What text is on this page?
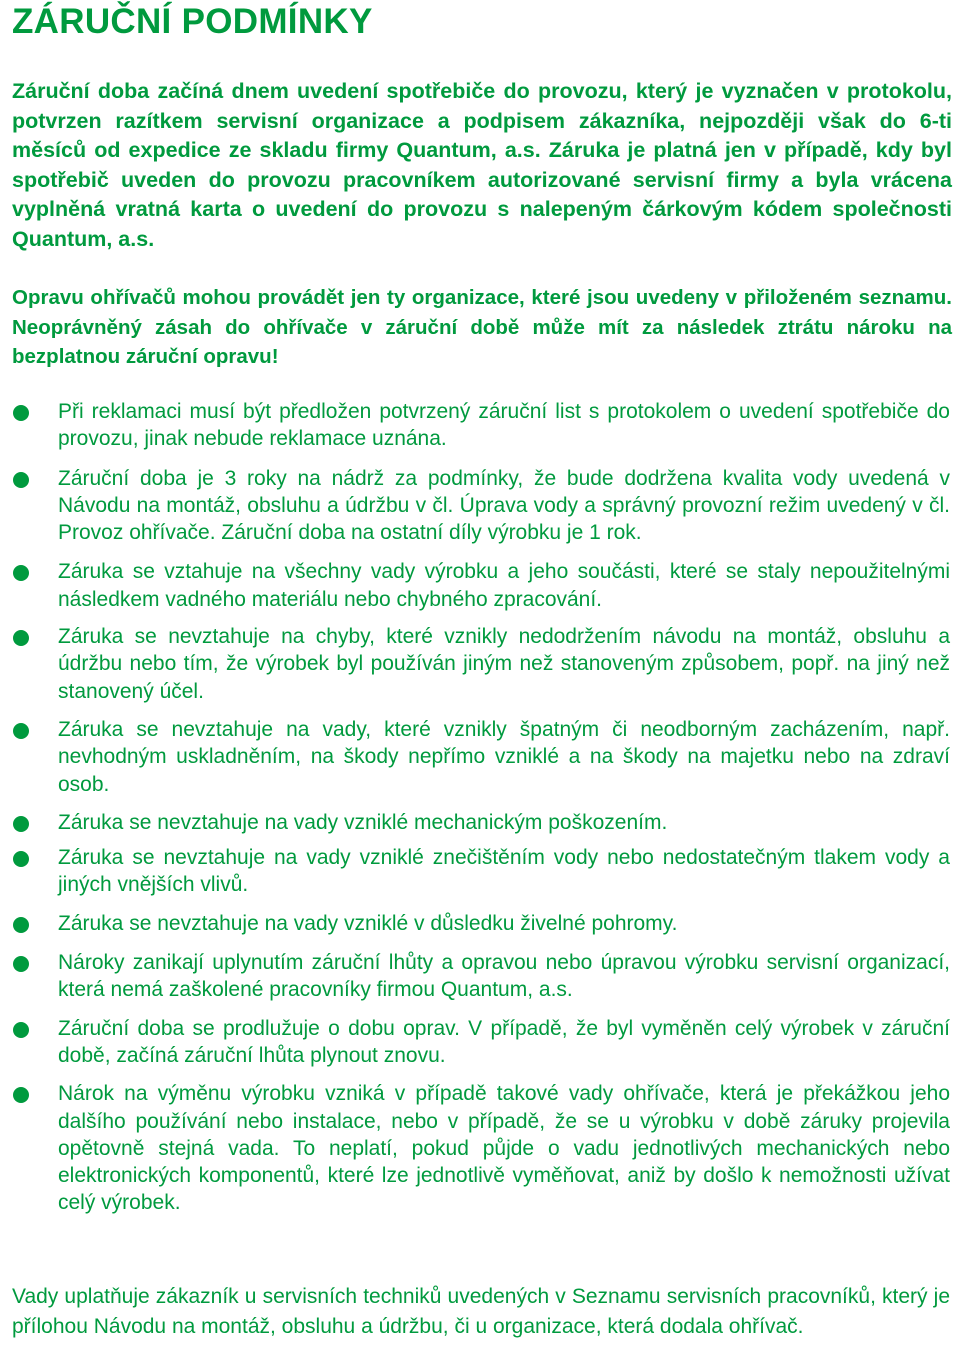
ZÁRUČNÍ PODMÍNKY

Záruční doba začíná dnem uvedení spotřebiče do provozu, který je vyznačen v protokolu, potvrzen razítkem servisní organizace a podpisem zákazníka, nejpozději však do 6-ti měsíců od expedice ze skladu firmy Quantum, a.s. Záruka je platná jen v případě, kdy byl spotřebič uveden do provozu pracovníkem autorizované servisní firmy a byla vrácena vyplněná vratná karta o uvedení do provozu s nalepeným čárkovým kódem společnosti Quantum, a.s.

Opravu ohřívačů mohou provádět jen ty organizace, které jsou uvedeny v přiloženém seznamu. Neoprávněný zásah do ohřívače v záruční době může mít za následek ztrátu nároku na bezplatnou záruční opravu!

Při reklamaci musí být předložen potvrzený záruční list s protokolem o uvedení spotřebiče do provozu, jinak nebude reklamace uznána.
Záruční doba je 3 roky na nádrž za podmínky, že bude dodržena kvalita vody uvedená v Návodu na montáž, obsluhu a údržbu v čl. Úprava vody a správný provozní režim uvedený v čl. Provoz ohřívače. Záruční doba na ostatní díly výrobku je 1 rok.
Záruka se vztahuje na všechny vady výrobku a jeho součásti, které se staly nepoužitelnými následkem vadného materiálu nebo chybného zpracování.
Záruka se nevztahuje na chyby, které vznikly nedodržením návodu na montáž, obsluhu a údržbu nebo tím, že výrobek byl používán jiným než stanoveným způsobem, popř. na jiný než stanovený účel.
Záruka se nevztahuje na vady, které vznikly špatným či neodborným zacházením, např. nevhodným uskladněním, na škody nepřímo vzniklé a na škody na majetku nebo na zdraví osob.
Záruka se nevztahuje na vady vzniklé mechanickým poškozením.
Záruka se nevztahuje na vady vzniklé znečištěním vody nebo nedostatečným tlakem vody a jiných vnějších vlivů.
Záruka se nevztahuje na vady vzniklé v důsledku živelné pohromy.
Nároky zanikají uplynutím záruční lhůty a opravou nebo úpravou výrobku servisní organizací, která nemá zaškolené pracovníky firmou Quantum, a.s.
Záruční doba se prodlužuje o dobu oprav. V případě, že byl vyměněn celý výrobek v záruční době, začíná záruční lhůta plynout znovu.
Nárok na výměnu výrobku vzniká v případě takové vady ohřívače, která je překážkou jeho dalšího používání nebo instalace, nebo v případě, že se u výrobku v době záruky projevila opětovně stejná vada. To neplatí, pokud půjde o vadu jednotlivých mechanických nebo elektronických komponentů, které lze jednotlivě vyměňovat, aniž by došlo k nemožnosti užívat celý výrobek.

Vady uplatňuje zákazník u servisních techniků uvedených v Seznamu servisních pracovníků, který je přílohou Návodu na montáž, obsluhu a údržbu, či u organizace, která dodala ohřívač.
